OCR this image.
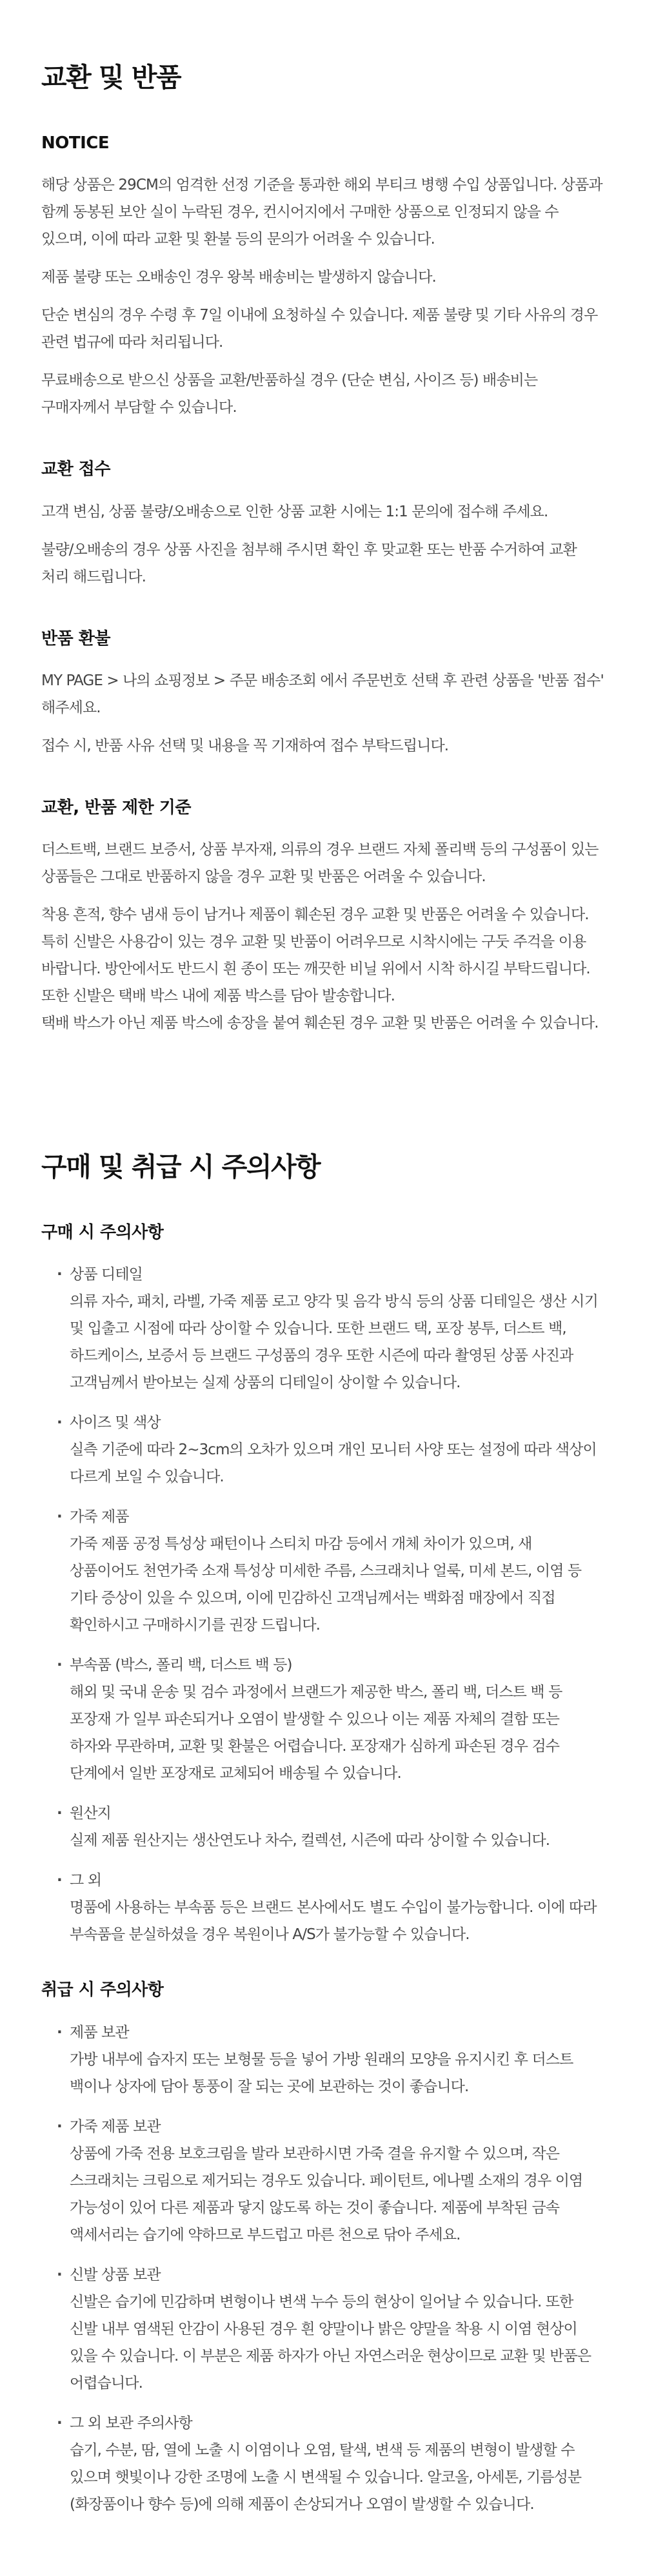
교환 및 반품
NOTICE

해당 상품은 29CM의 엄격한 선정 기준을 통과한 해외 부티크 병행 수입 상품입니다. 상품과 함께 동봉된 보안 실이 누락된 경우, 컨시어지에서 구매한 상품으로 인정되지 않을 수 있으며, 이에 따라 교환 및 환불 등의 문의가 어려울 수 있습니다.

제품 불량 또는 오배송인 경우 왕복 배송비는 발생하지 않습니다.

단순 변심의 경우 수령 후 7일 이내에 요청하실 수 있습니다. 제품 불량 및 기타 사유의 경우 관련 법규에 따라 처리됩니다.

무료배송으로 받으신 상품을 교환/반품하실 경우 (단순 변심, 사이즈 등) 배송비는 구매자께서 부담할 수 있습니다.

교환 접수

고객 변심, 상품 불량/오배송으로 인한 상품 교환 시에는 1:1 문의에 접수해 주세요.

불량/오배송의 경우 상품 사진을 첨부해 주시면 확인 후 맞교환 또는 반품 수거하여 교환 처리 해드립니다.

반품 환불

MY PAGE > 나의 쇼핑정보 > 주문 배송조회 에서 주문번호 선택 후 관련 상품을 '반품 접수' 해주세요.

접수 시, 반품 사유 선택 및 내용을 꼭 기재하여 접수 부탁드립니다.

교환, 반품 제한 기준

더스트백, 브랜드 보증서, 상품 부자재, 의류의 경우 브랜드 자체 폴리백 등의 구성품이 있는 상품들은 그대로 반품하지 않을 경우 교환 및 반품은 어려울 수 있습니다.

착용 흔적, 향수 냄새 등이 남거나 제품이 훼손된 경우 교환 및 반품은 어려울 수 있습니다. 특히 신발은 사용감이 있는 경우 교환 및 반품이 어려우므로 시착시에는 구둣 주걱을 이용 바랍니다. 방안에서도 반드시 흰 종이 또는 깨끗한 비닐 위에서 시착 하시길 부탁드립니다.

또한 신발은 택배 박스 내에 제품 박스를 담아 발송합니다.

택배 박스가 아닌 제품 박스에 송장을 붙여 훼손된 경우 교환 및 반품은 어려울 수 있습니다.

구매 및 취급 시 주의사항
구매 시 주의사항
· 상품 디테일
의류 자수, 패치, 라벨, 가죽 제품 로고 양각 및 음각 방식 등의 상품 디테일은 생산 시기 및 입출고 시점에 따라 상이할 수 있습니다. 또한 브랜드 택, 포장 봉투, 더스트 백, 하드케이스, 보증서 등 브랜드 구성품의 경우 또한 시즌에 따라 촬영된 상품 사진과 고객님께서 받아보는 실제 상품의 디테일이 상이할 수 있습니다.
· 사이즈 및 색상
실측 기준에 따라 2~3cm의 오차가 있으며 개인 모니터 사양 또는 설정에 따라 색상이 다르게 보일 수 있습니다.
· 가죽 제품
가죽 제품 공정 특성상 패턴이나 스티치 마감 등에서 개체 차이가 있으며, 새 상품이어도 천연가죽 소재 특성상 미세한 주름, 스크래치나 얼룩, 미세 본드, 이염 등 기타 증상이 있을 수 있으며, 이에 민감하신 고객님께서는 백화점 매장에서 직접 확인하시고 구매하시기를 권장 드립니다.
· 부속품 (박스, 폴리 백, 더스트 백 등)
해외 및 국내 운송 및 검수 과정에서 브랜드가 제공한 박스, 폴리 백, 더스트 백 등 포장재 가 일부 파손되거나 오염이 발생할 수 있으나 이는 제품 자체의 결함 또는 하자와 무관하며, 교환 및 환불은 어렵습니다. 포장재가 심하게 파손된 경우 검수 단계에서 일반 포장재로 교체되어 배송될 수 있습니다.
· 원산지
실제 제품 원산지는 생산연도나 차수, 컬렉션, 시즌에 따라 상이할 수 있습니다.
· 그 외
명품에 사용하는 부속품 등은 브랜드 본사에서도 별도 수입이 불가능합니다. 이에 따라 부속품을 분실하셨을 경우 복원이나 A/S가 불가능할 수 있습니다.
취급 시 주의사항
· 제품 보관
가방 내부에 습자지 또는 보형물 등을 넣어 가방 원래의 모양을 유지시킨 후 더스트 백이나 상자에 담아 통풍이 잘 되는 곳에 보관하는 것이 좋습니다.
· 가죽 제품 보관
상품에 가죽 전용 보호크림을 발라 보관하시면 가죽 결을 유지할 수 있으며, 작은 스크래치는 크림으로 제거되는 경우도 있습니다. 페이턴트, 에나멜 소재의 경우 이염 가능성이 있어 다른 제품과 닿지 않도록 하는 것이 좋습니다. 제품에 부착된 금속 액세서리는 습기에 약하므로 부드럽고 마른 천으로 닦아 주세요.
· 신발 상품 보관
신발은 습기에 민감하며 변형이나 변색 누수 등의 현상이 일어날 수 있습니다. 또한 신발 내부 염색된 안감이 사용된 경우 흰 양말이나 밝은 양말을 착용 시 이염 현상이 있을 수 있습니다. 이 부분은 제품 하자가 아닌 자연스러운 현상이므로 교환 및 반품은 어렵습니다.
· 그 외 보관 주의사항
습기, 수분, 땀, 열에 노출 시 이염이나 오염, 탈색, 변색 등 제품의 변형이 발생할 수 있으며 햇빛이나 강한 조명에 노출 시 변색될 수 있습니다. 알코올, 아세톤, 기름성분(화장품이나 향수 등)에 의해 제품이 손상되거나 오염이 발생할 수 있습니다.
